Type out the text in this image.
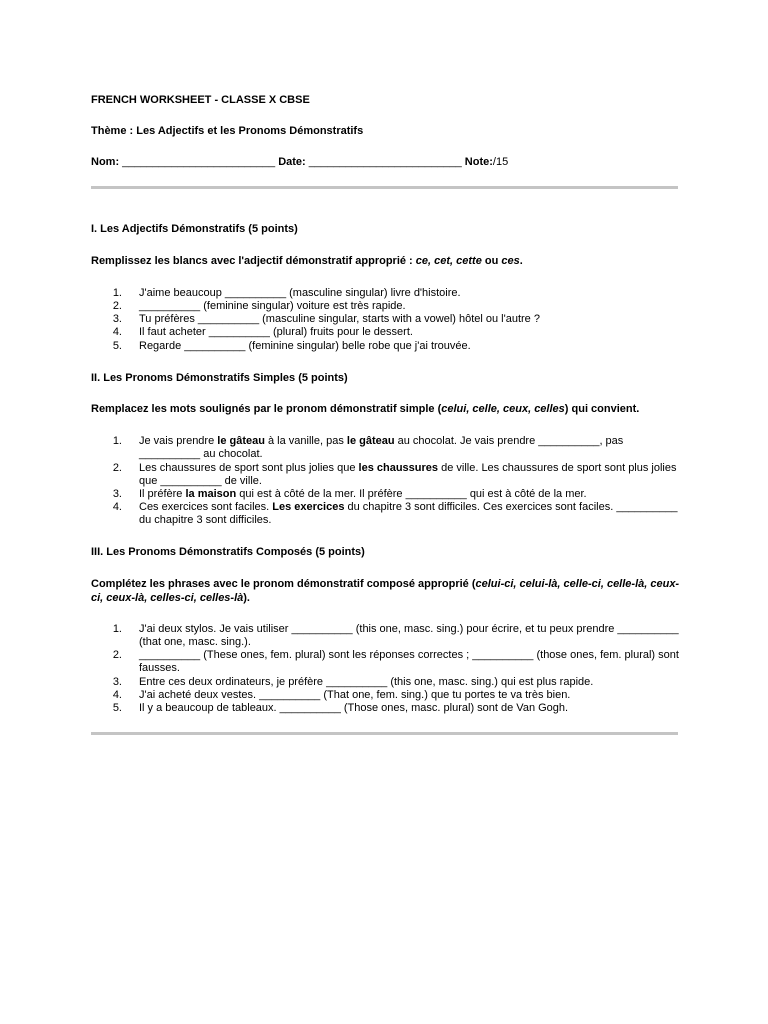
FRENCH WORKSHEET - CLASSE X CBSE
Thème : Les Adjectifs et les Pronoms Démonstratifs
Nom: _________________________ Date: _________________________ Note:/15
I. Les Adjectifs Démonstratifs (5 points)
Remplissez les blancs avec l'adjectif démonstratif approprié : ce, cet, cette ou ces.
1. J'aime beaucoup __________ (masculine singular) livre d'histoire.
2. __________ (feminine singular) voiture est très rapide.
3. Tu préfères __________ (masculine singular, starts with a vowel) hôtel ou l'autre ?
4. Il faut acheter __________ (plural) fruits pour le dessert.
5. Regarde __________ (feminine singular) belle robe que j'ai trouvée.
II. Les Pronoms Démonstratifs Simples (5 points)
Remplacez les mots soulignés par le pronom démonstratif simple (celui, celle, ceux, celles) qui convient.
1. Je vais prendre le gâteau à la vanille, pas le gâteau au chocolat. Je vais prendre __________, pas __________ au chocolat.
2. Les chaussures de sport sont plus jolies que les chaussures de ville. Les chaussures de sport sont plus jolies que __________ de ville.
3. Il préfère la maison qui est à côté de la mer. Il préfère __________ qui est à côté de la mer.
4. Ces exercices sont faciles. Les exercices du chapitre 3 sont difficiles. Ces exercices sont faciles. __________ du chapitre 3 sont difficiles.
III. Les Pronoms Démonstratifs Composés (5 points)
Complétez les phrases avec le pronom démonstratif composé approprié (celui-ci, celui-là, celle-ci, celle-là, ceux-ci, ceux-là, celles-ci, celles-là).
1. J'ai deux stylos. Je vais utiliser __________ (this one, masc. sing.) pour écrire, et tu peux prendre __________ (that one, masc. sing.).
2. __________ (These ones, fem. plural) sont les réponses correctes ; __________ (those ones, fem. plural) sont fausses.
3. Entre ces deux ordinateurs, je préfère __________ (this one, masc. sing.) qui est plus rapide.
4. J'ai acheté deux vestes. __________ (That one, fem. sing.) que tu portes te va très bien.
5. Il y a beaucoup de tableaux. __________ (Those ones, masc. plural) sont de Van Gogh.
